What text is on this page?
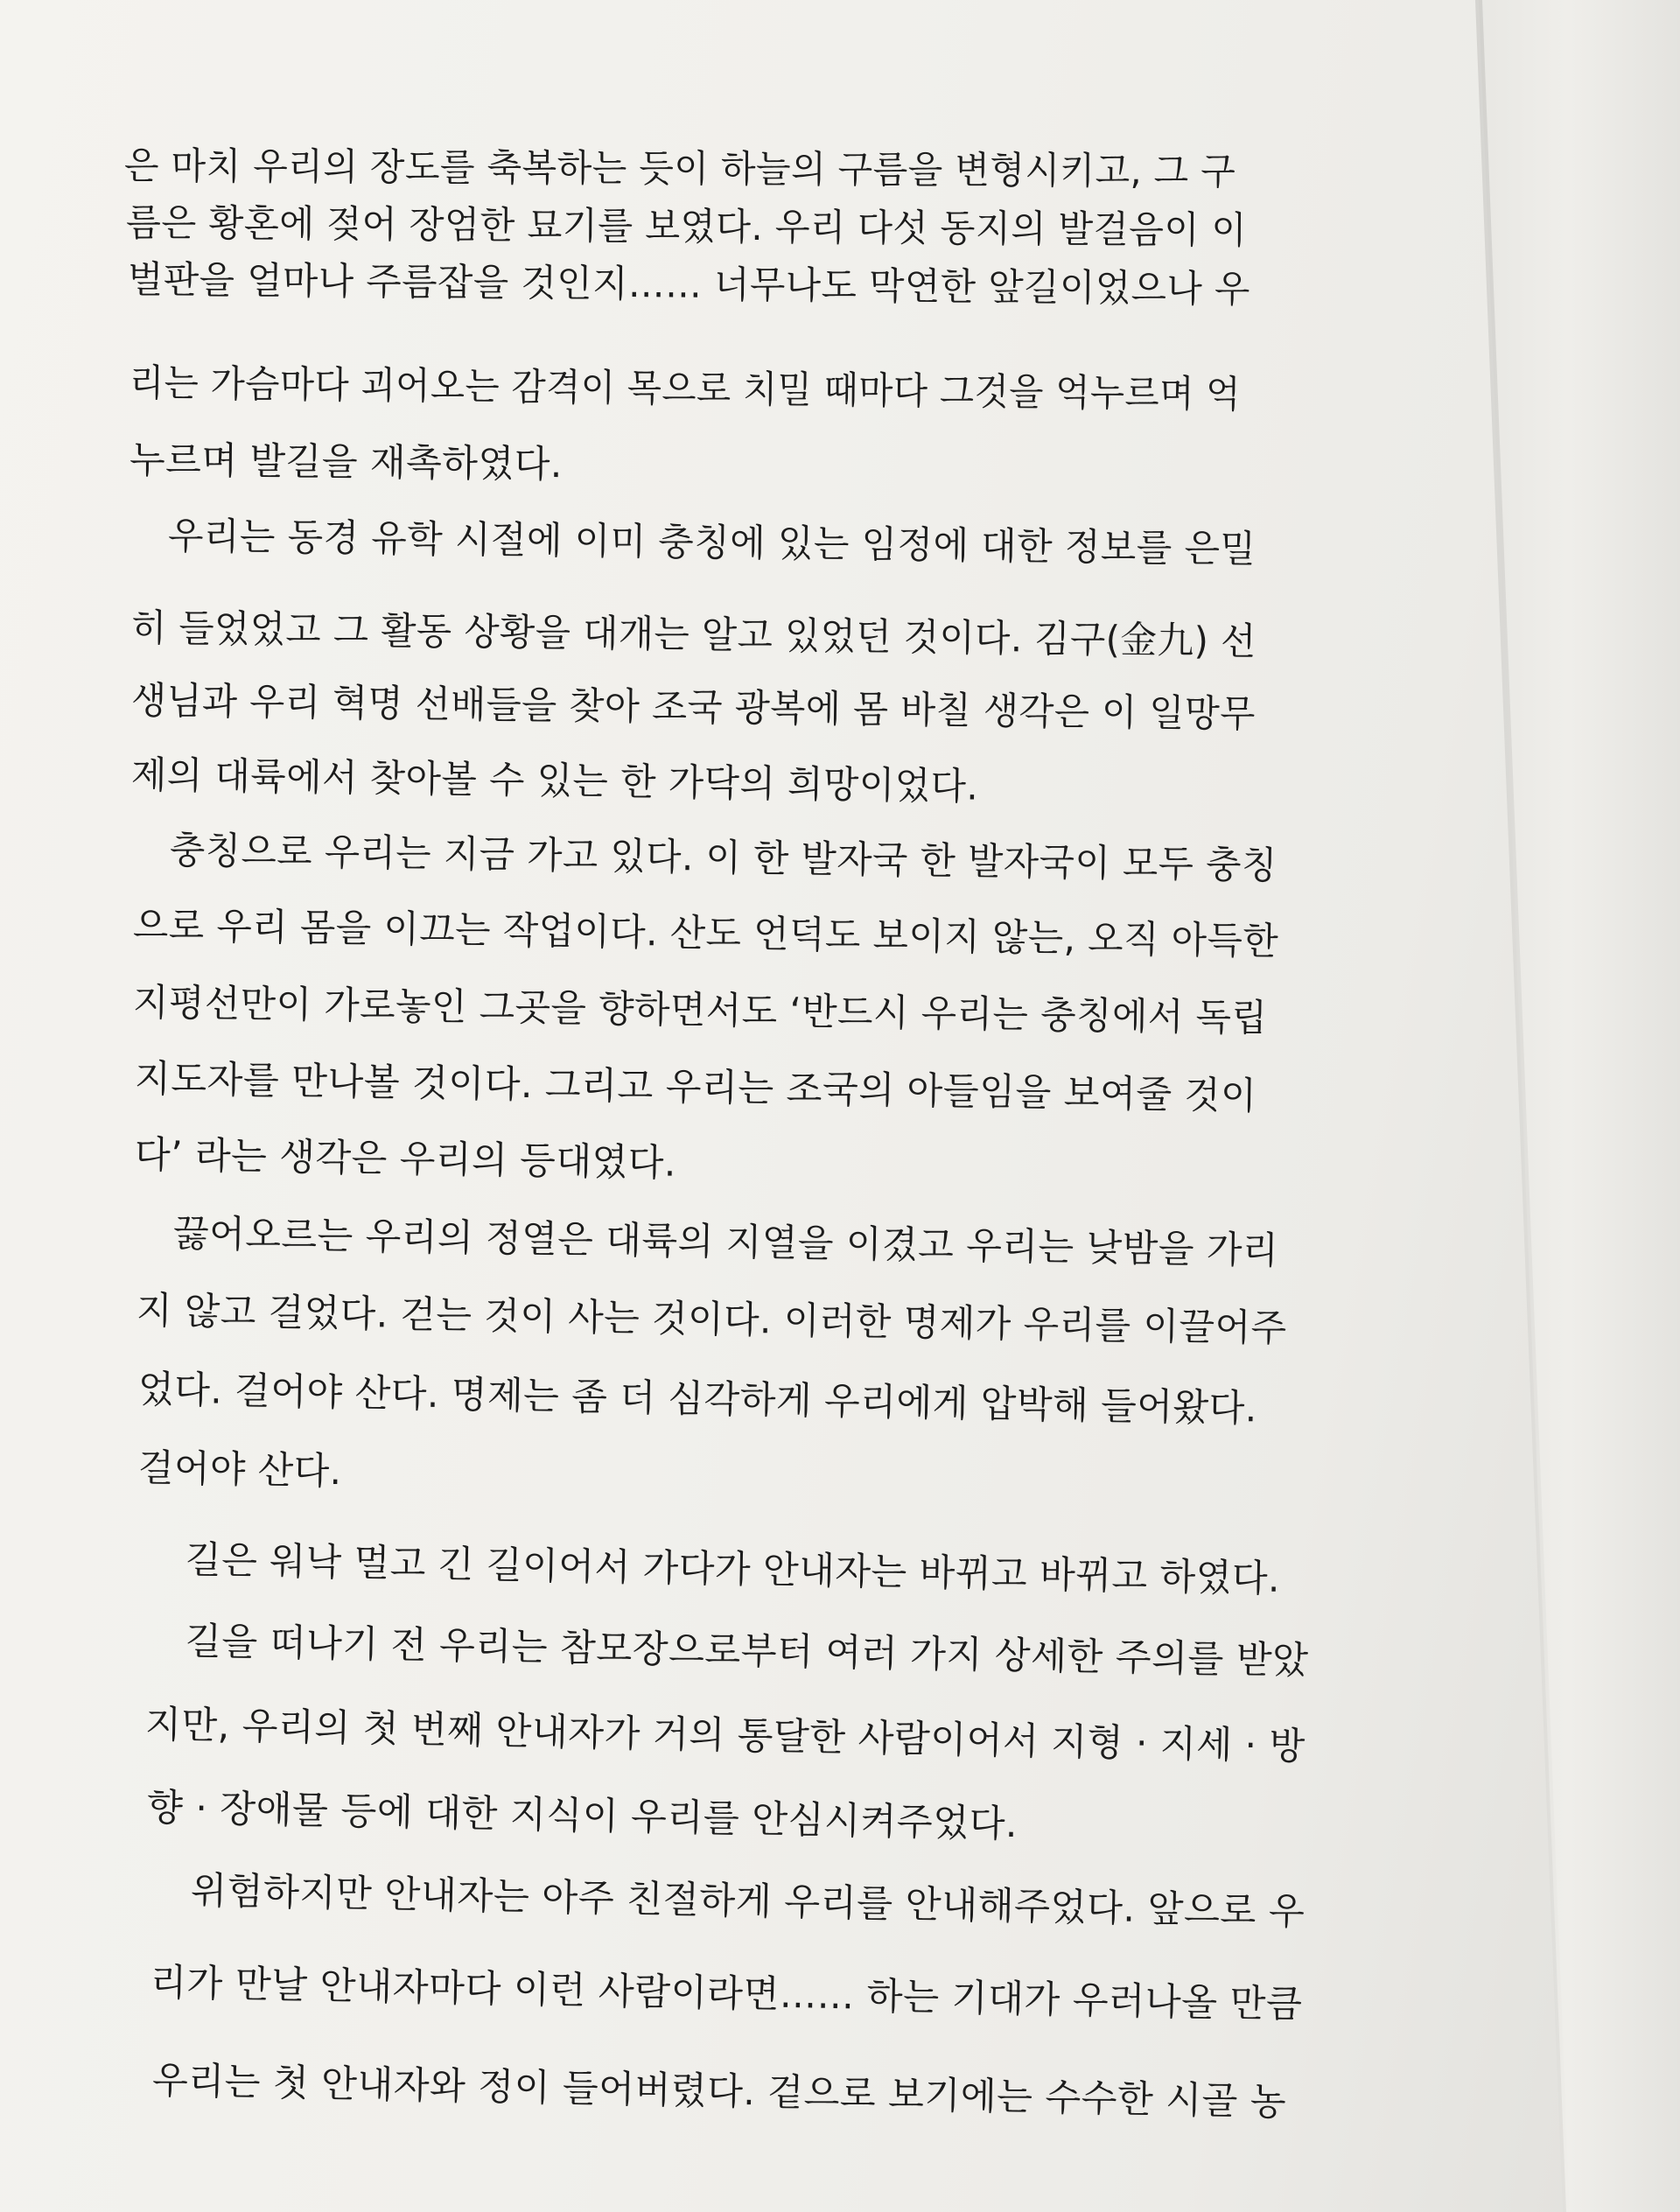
은 마치 우리의 장도를 축복하는 듯이 하늘의 구름을 변형시키고, 그 구
름은 황혼에 젖어 장엄한 묘기를 보였다. 우리 다섯 동지의 발걸음이 이
벌판을 얼마나 주름잡을 것인지…… 너무나도 막연한 앞길이었으나 우
리는 가슴마다 괴어오는 감격이 목으로 치밀 때마다 그것을 억누르며 억
누르며 발길을 재촉하였다.
우리는 동경 유학 시절에 이미 충칭에 있는 임정에 대한 정보를 은밀
히 들었었고 그 활동 상황을 대개는 알고 있었던 것이다. 김구(金九) 선
생님과 우리 혁명 선배들을 찾아 조국 광복에 몸 바칠 생각은 이 일망무
제의 대륙에서 찾아볼 수 있는 한 가닥의 희망이었다.
충칭으로 우리는 지금 가고 있다. 이 한 발자국 한 발자국이 모두 충칭
으로 우리 몸을 이끄는 작업이다. 산도 언덕도 보이지 않는, 오직 아득한
지평선만이 가로놓인 그곳을 향하면서도 ‘반드시 우리는 충칭에서 독립
지도자를 만나볼 것이다. 그리고 우리는 조국의 아들임을 보여줄 것이
다’ 라는 생각은 우리의 등대였다.
끓어오르는 우리의 정열은 대륙의 지열을 이겼고 우리는 낮밤을 가리
지 않고 걸었다. 걷는 것이 사는 것이다. 이러한 명제가 우리를 이끌어주
었다. 걸어야 산다. 명제는 좀 더 심각하게 우리에게 압박해 들어왔다.
걸어야 산다.
길은 워낙 멀고 긴 길이어서 가다가 안내자는 바뀌고 바뀌고 하였다.
길을 떠나기 전 우리는 참모장으로부터 여러 가지 상세한 주의를 받았
지만, 우리의 첫 번째 안내자가 거의 통달한 사람이어서 지형 · 지세 · 방
향 · 장애물 등에 대한 지식이 우리를 안심시켜주었다.
위험하지만 안내자는 아주 친절하게 우리를 안내해주었다. 앞으로 우
리가 만날 안내자마다 이런 사람이라면…… 하는 기대가 우러나올 만큼
우리는 첫 안내자와 정이 들어버렸다. 겉으로 보기에는 수수한 시골 농
